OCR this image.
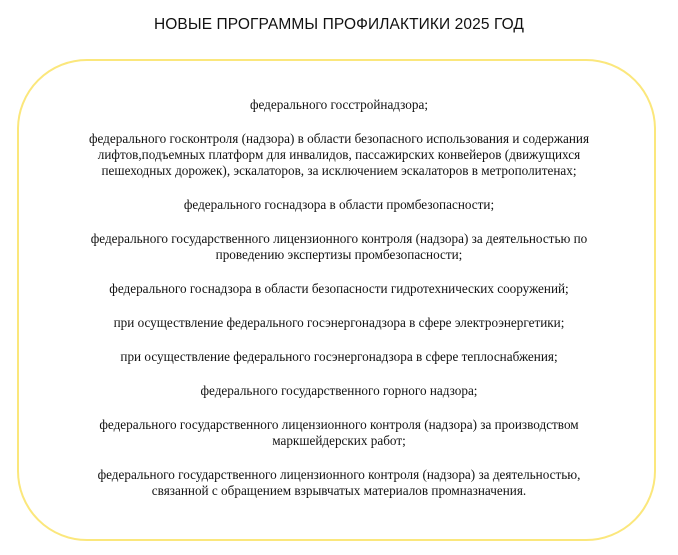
НОВЫЕ ПРОГРАММЫ ПРОФИЛАКТИКИ 2025 ГОД
федерального госстройнадзора;
федерального госконтроля (надзора) в области безопасного использования и содержания
лифтов,подъемных платформ для инвалидов, пассажирских конвейеров (движущихся
пешеходных дорожек), эскалаторов, за исключением эскалаторов в метрополитенах;
федерального госнадзора в области промбезопасности;
федерального государственного лицензионного контроля (надзора) за деятельностью по
проведению экспертизы промбезопасности;
федерального госнадзора в области безопасности гидротехнических сооружений;
при осуществление федерального госэнергонадзора в сфере электроэнергетики;
при осуществление федерального госэнергонадзора в сфере теплоснабжения;
федерального государственного горного надзора;
федерального государственного лицензионного контроля (надзора) за производством
маркшейдерских работ;
федерального государственного лицензионного контроля (надзора) за деятельностью,
связанной с обращением взрывчатых материалов промназначения.
